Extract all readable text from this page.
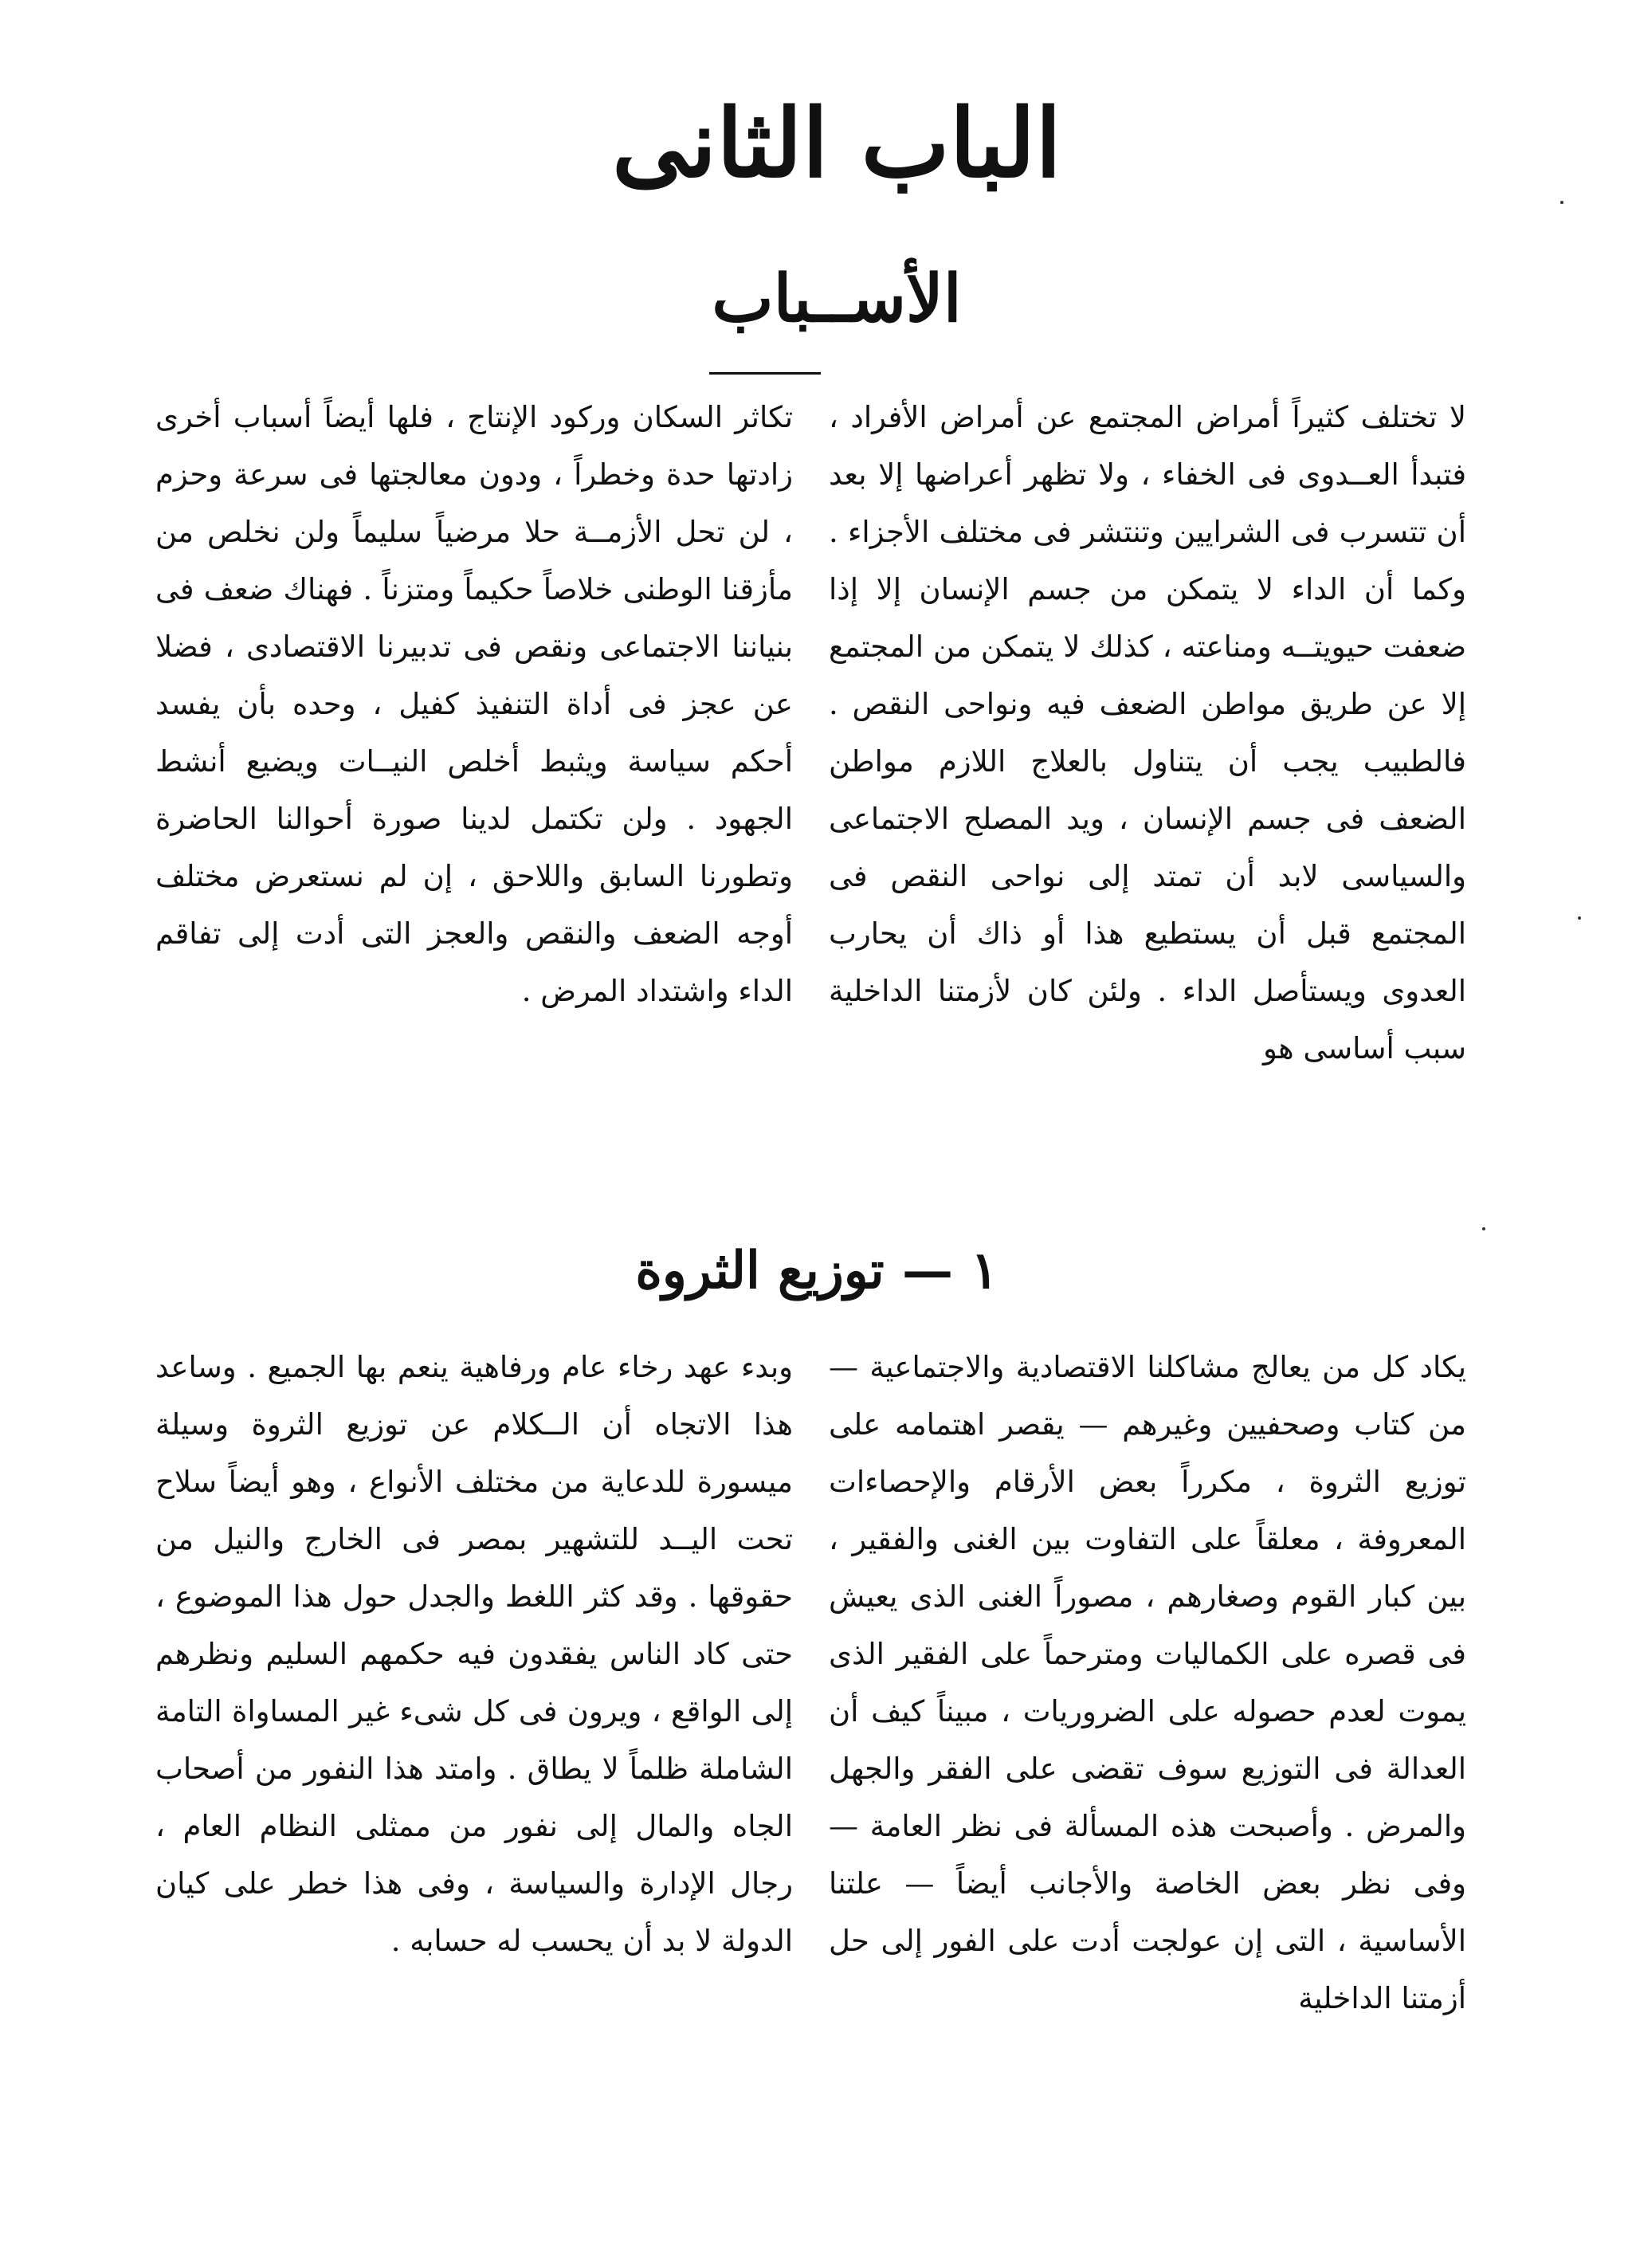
الباب الثانى
الأســباب

لا تختلف كثيراً أمراض المجتمع عن أمراض الأفراد ، فتبدأ العــدوى فى الخفاء ، ولا تظهر أعراضها إلا بعد أن تتسرب فى الشرايين وتنتشر فى مختلف الأجزاء . وكما أن الداء لا يتمكن من جسم الإنسان إلا إذا ضعفت حيويتــه ومناعته ، كذلك لا يتمكن من المجتمع إلا عن طريق مواطن الضعف فيه ونواحى النقص . فالطبيب يجب أن يتناول بالعلاج اللازم مواطن الضعف فى جسم الإنسان ، ويد المصلح الاجتماعى والسياسى لابد أن تمتد إلى نواحى النقص فى المجتمع قبل أن يستطيع هذا أو ذاك أن يحارب العدوى ويستأصل الداء . ولئن كان لأزمتنا الداخلية سبب أساسى هو

تكاثر السكان وركود الإنتاج ، فلها أيضاً أسباب أخرى زادتها حدة وخطراً ، ودون معالجتها فى سرعة وحزم ، لن تحل الأزمــة حلا مرضياً سليماً ولن نخلص من مأزقنا الوطنى خلاصاً حكيماً ومتزناً . فهناك ضعف فى بنياننا الاجتماعى ونقص فى تدبيرنا الاقتصادى ، فضلا عن عجز فى أداة التنفيذ كفيل ، وحده بأن يفسد أحكم سياسة ويثبط أخلص النيــات ويضيع أنشط الجهود . ولن تكتمل لدينا صورة أحوالنا الحاضرة وتطورنا السابق واللاحق ، إن لم نستعرض مختلف أوجه الضعف والنقص والعجز التى أدت إلى تفاقم الداء واشتداد المرض .

١ — توزيع الثروة

يكاد كل من يعالج مشاكلنا الاقتصادية والاجتماعية — من كتاب وصحفيين وغيرهم — يقصر اهتمامه على توزيع الثروة ، مكرراً بعض الأرقام والإحصاءات المعروفة ، معلقاً على التفاوت بين الغنى والفقير ، بين كبار القوم وصغارهم ، مصوراً الغنى الذى يعيش فى قصره على الكماليات ومترحماً على الفقير الذى يموت لعدم حصوله على الضروريات ، مبيناً كيف أن العدالة فى التوزيع سوف تقضى على الفقر والجهل والمرض . وأصبحت هذه المسألة فى نظر العامة — وفى نظر بعض الخاصة والأجانب أيضاً — علتنا الأساسية ، التى إن عولجت أدت على الفور إلى حل أزمتنا الداخلية

وبدء عهد رخاء عام ورفاهية ينعم بها الجميع . وساعد هذا الاتجاه أن الــكلام عن توزيع الثروة وسيلة ميسورة للدعاية من مختلف الأنواع ، وهو أيضاً سلاح تحت اليــد للتشهير بمصر فى الخارج والنيل من حقوقها . وقد كثر اللغط والجدل حول هذا الموضوع ، حتى كاد الناس يفقدون فيه حكمهم السليم ونظرهم إلى الواقع ، ويرون فى كل شىء غير المساواة التامة الشاملة ظلماً لا يطاق . وامتد هذا النفور من أصحاب الجاه والمال إلى نفور من ممثلى النظام العام ، رجال الإدارة والسياسة ، وفى هذا خطر على كيان الدولة لا بد أن يحسب له حسابه .
